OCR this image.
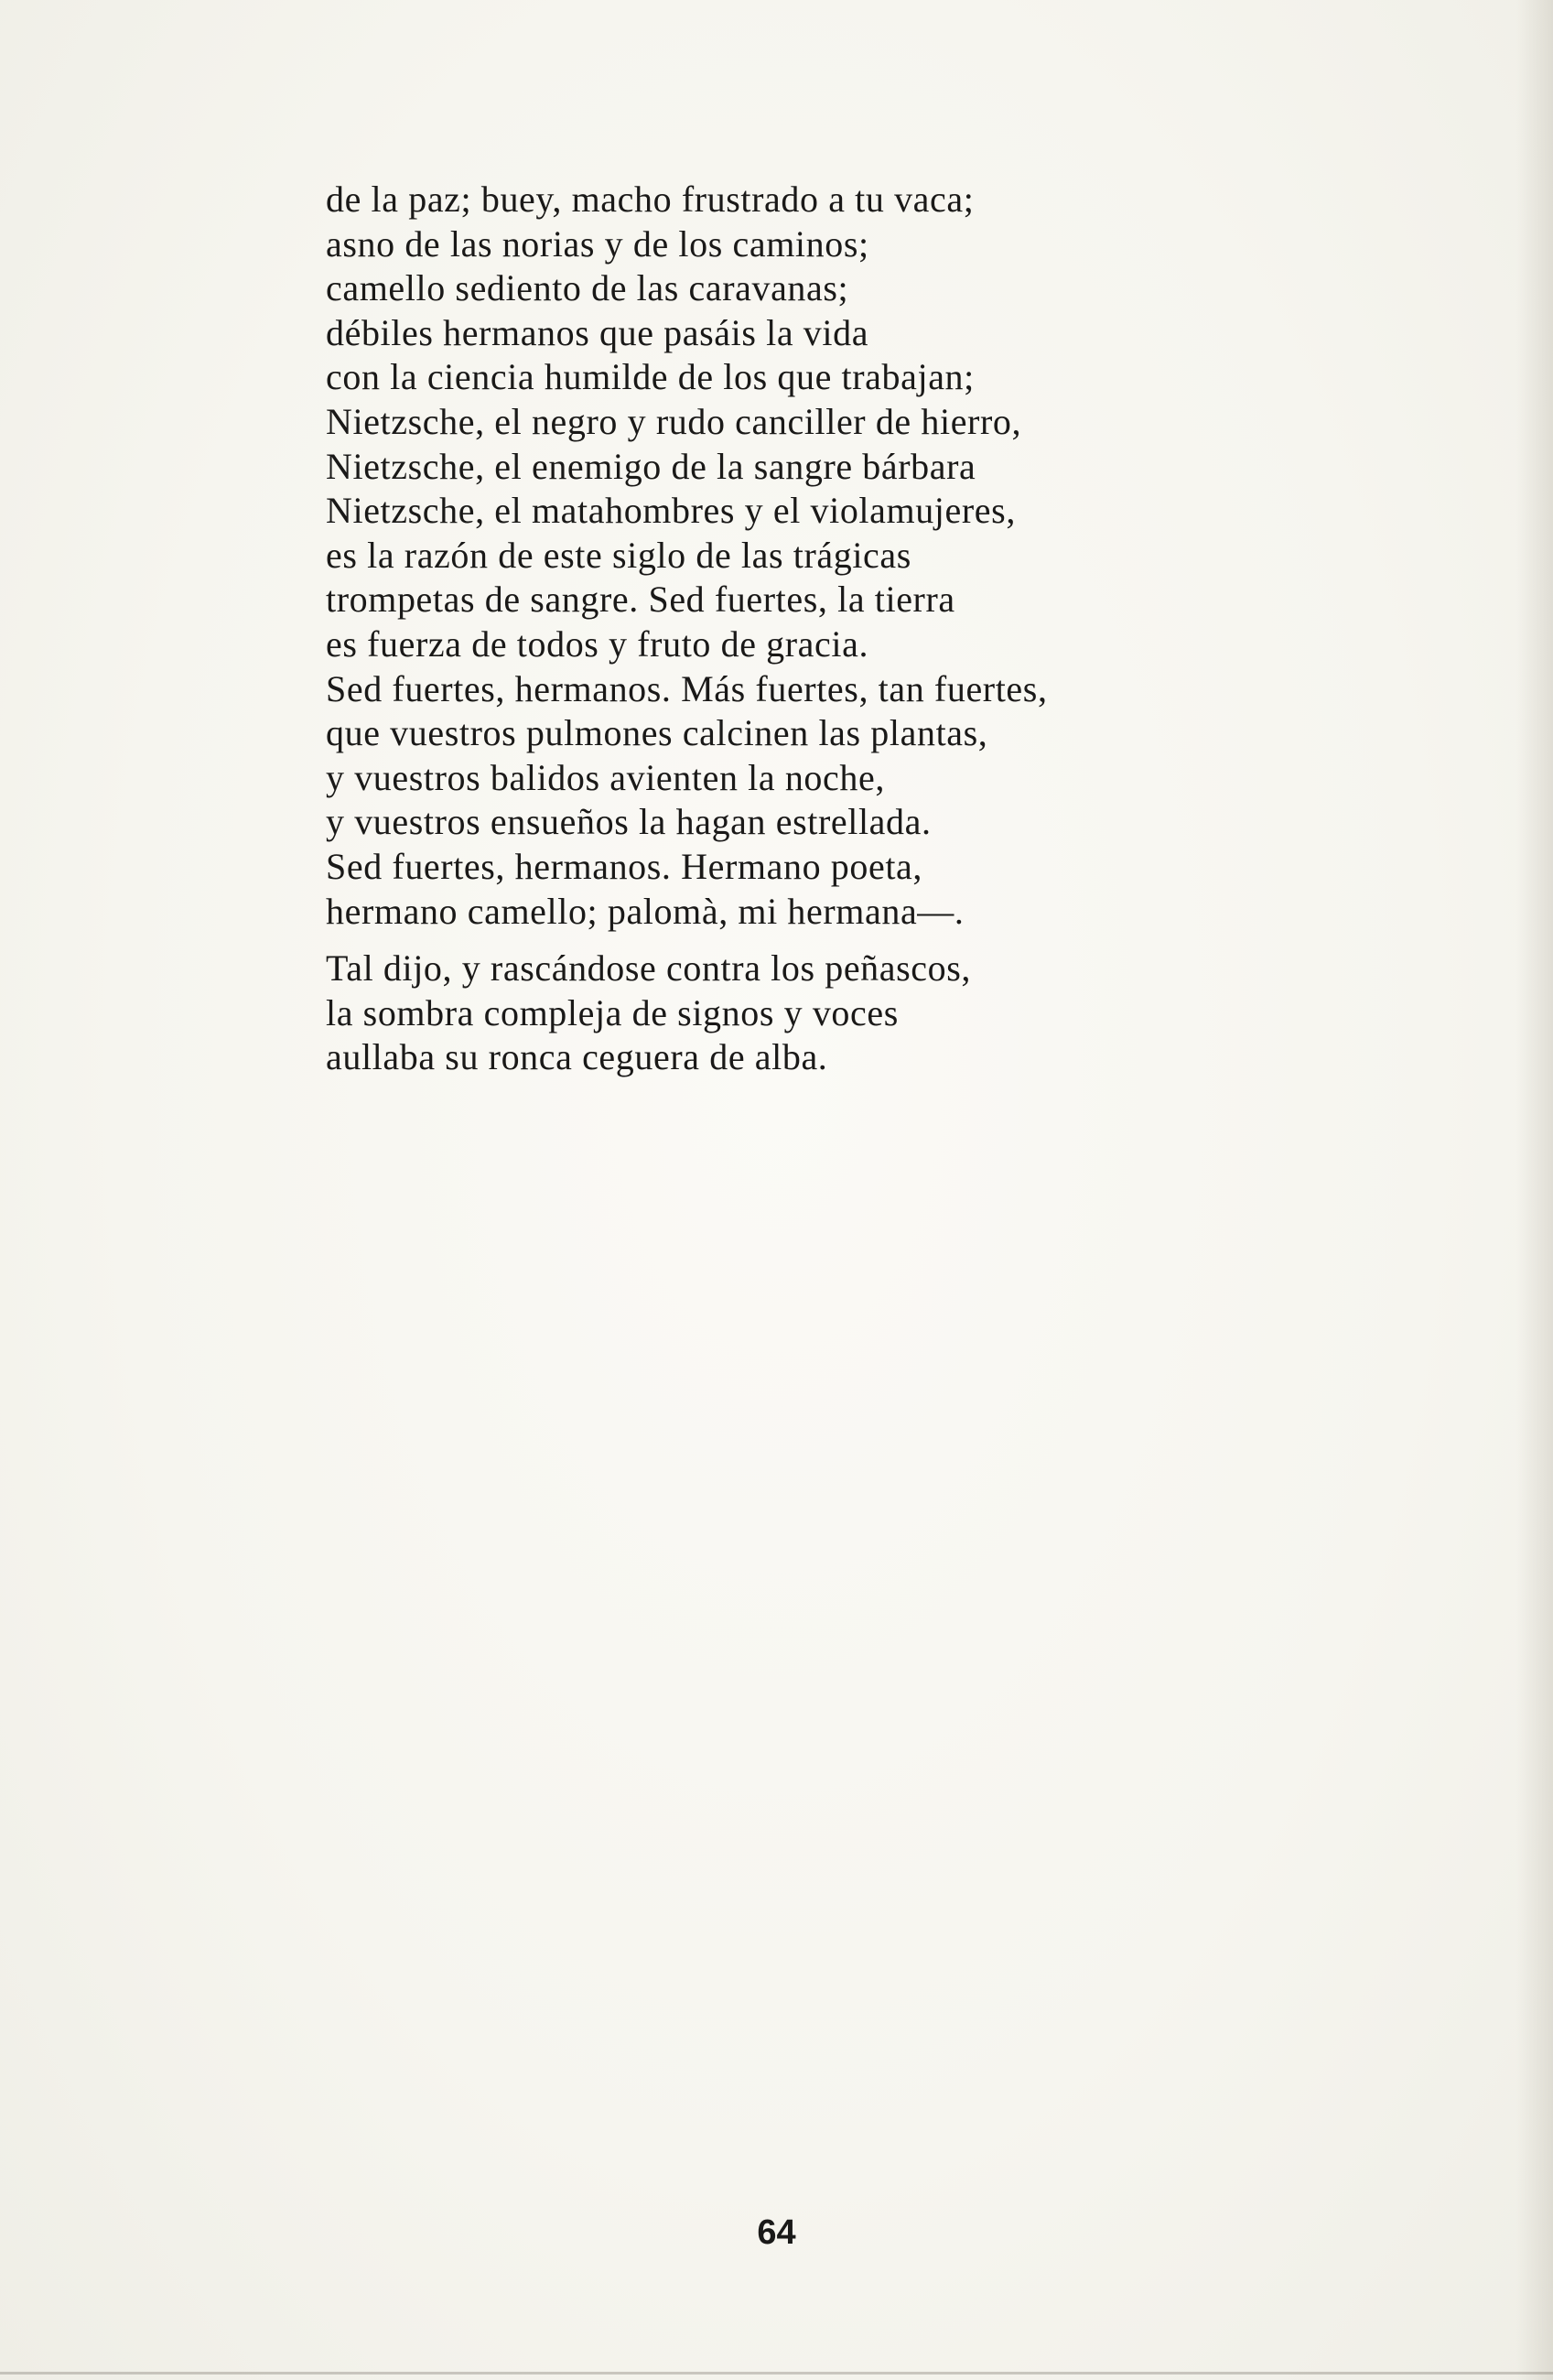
de la paz; buey, macho frustrado a tu vaca;
asno de las norias y de los caminos;
camello sediento de las caravanas;
débiles hermanos que pasáis la vida
con la ciencia humilde de los que trabajan;
Nietzsche, el negro y rudo canciller de hierro,
Nietzsche, el enemigo de la sangre bárbara
Nietzsche, el matahombres y el violamujeres,
es la razón de este siglo de las trágicas
trompetas de sangre. Sed fuertes, la tierra
es fuerza de todos y fruto de gracia.
Sed fuertes, hermanos. Más fuertes, tan fuertes,
que vuestros pulmones calcinen las plantas,
y vuestros balidos avienten la noche,
y vuestros ensueños la hagan estrellada.
Sed fuertes, hermanos. Hermano poeta,
hermano camello; palomà, mi hermana—.
Tal dijo, y rascándose contra los peñascos,
la sombra compleja de signos y voces
aullaba su ronca ceguera de alba.
64
